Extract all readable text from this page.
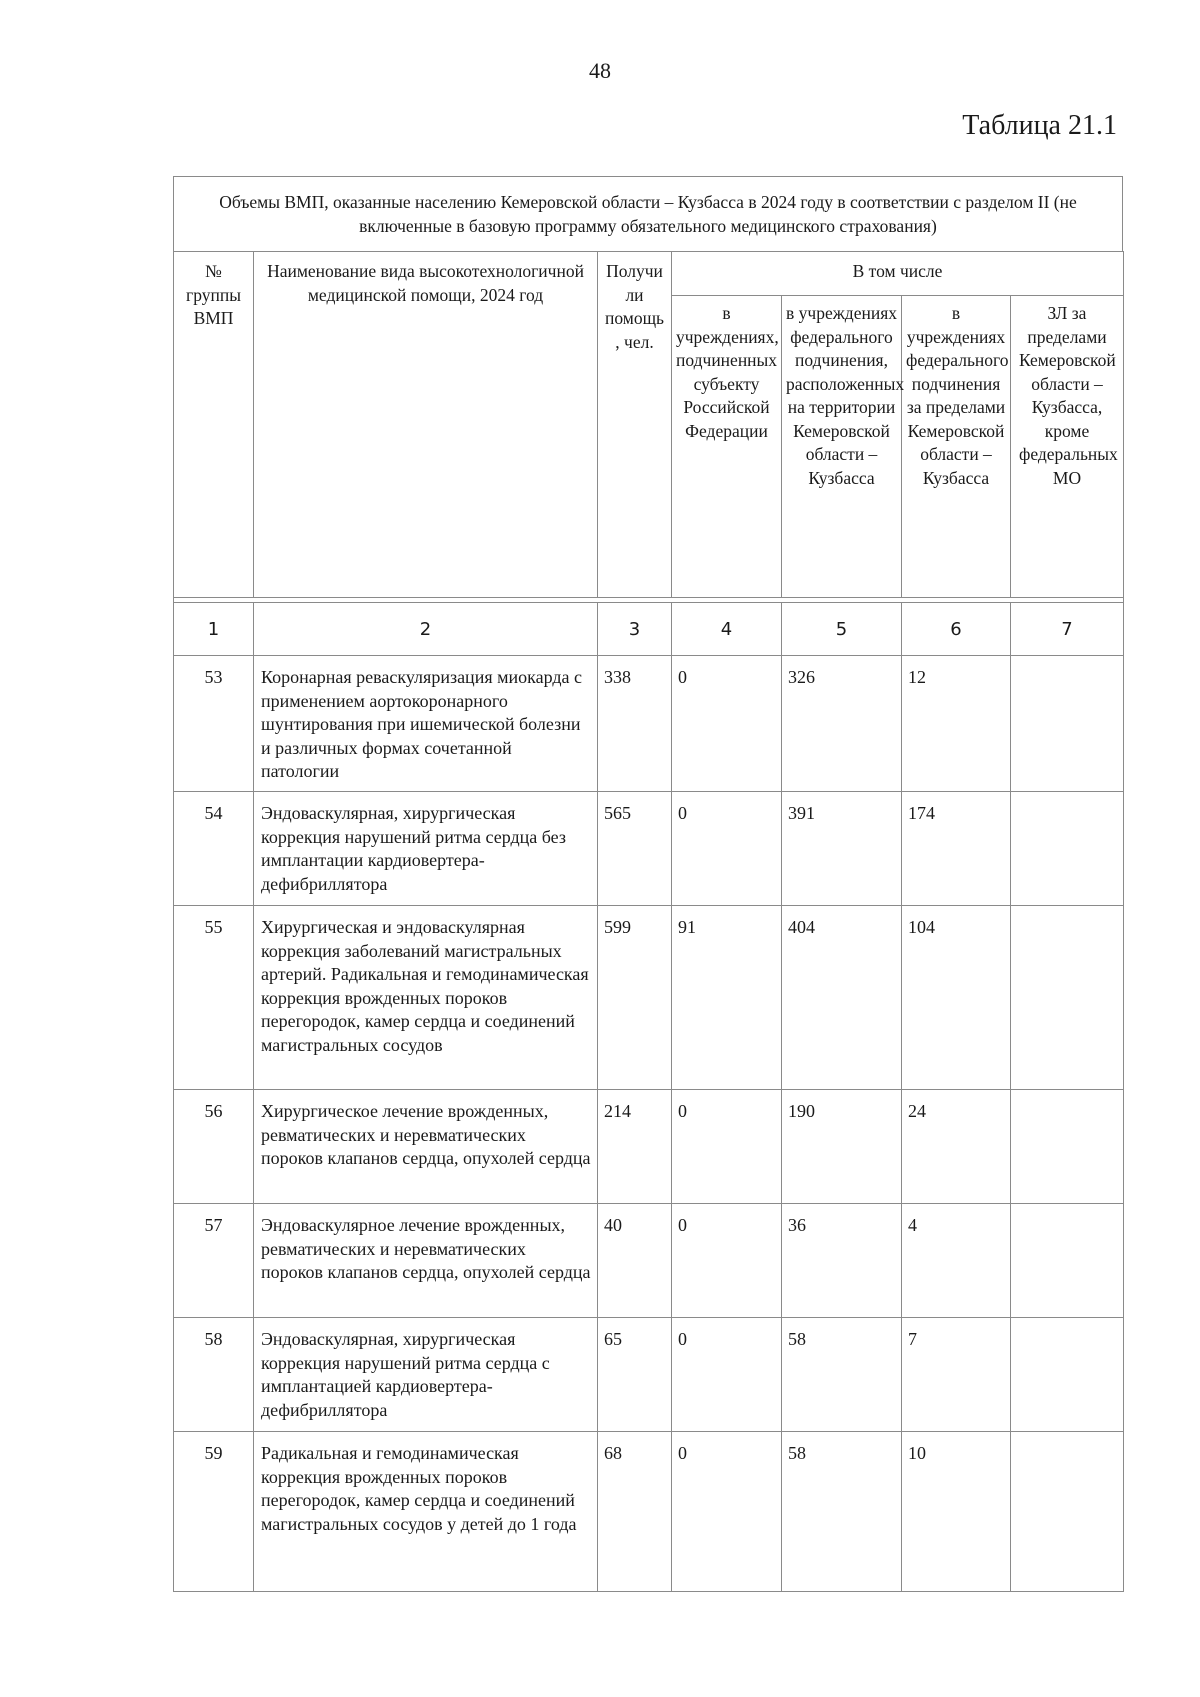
48
Таблица 21.1
Объемы ВМП, оказанные населению Кемеровской области – Кузбасса в 2024 году в соответствии с разделом II (не включенные в базовую программу обязательного медицинского страхования)
№ группы ВМП	Наименование вида высокотехнологичной медицинской помощи, 2024 год	Получили помощь, чел.	В том числе			

			в учреждениях, подчиненных субъекту Российской Федерации	в учреждениях федерального подчинения, расположенных на территории Кемеровской области – Кузбасса	в учреждениях федерального подчинения за пределами Кемеровской области – Кузбасса	ЗЛ за пределами Кемеровской области – Кузбасса, кроме федеральных МО

1	2	3	4	5	6	7
53	Коронарная реваскуляризация миокарда с применением аортокоронарного шунтирования при ишемической болезни и различных формах сочетанной патологии	338	0	326	12	
54	Эндоваскулярная, хирургическая коррекция нарушений ритма сердца без имплантации кардиовертера-дефибриллятора	565	0	391	174	
55	Хирургическая и эндоваскулярная коррекция заболеваний магистральных артерий. Радикальная и гемодинамическая коррекция врожденных пороков перегородок, камер сердца и соединений магистральных сосудов	599	91	404	104	
56	Хирургическое лечение врожденных, ревматических и неревматических пороков клапанов сердца, опухолей сердца	214	0	190	24	
57	Эндоваскулярное лечение врожденных, ревматических и неревматических пороков клапанов сердца, опухолей сердца	40	0	36	4	
58	Эндоваскулярная, хирургическая коррекция нарушений ритма сердца с имплантацией кардиовертера-дефибриллятора	65	0	58	7	
59	Радикальная и гемодинамическая коррекция врожденных пороков перегородок, камер сердца и соединений магистральных сосудов у детей до 1 года	68	0	58	10	
